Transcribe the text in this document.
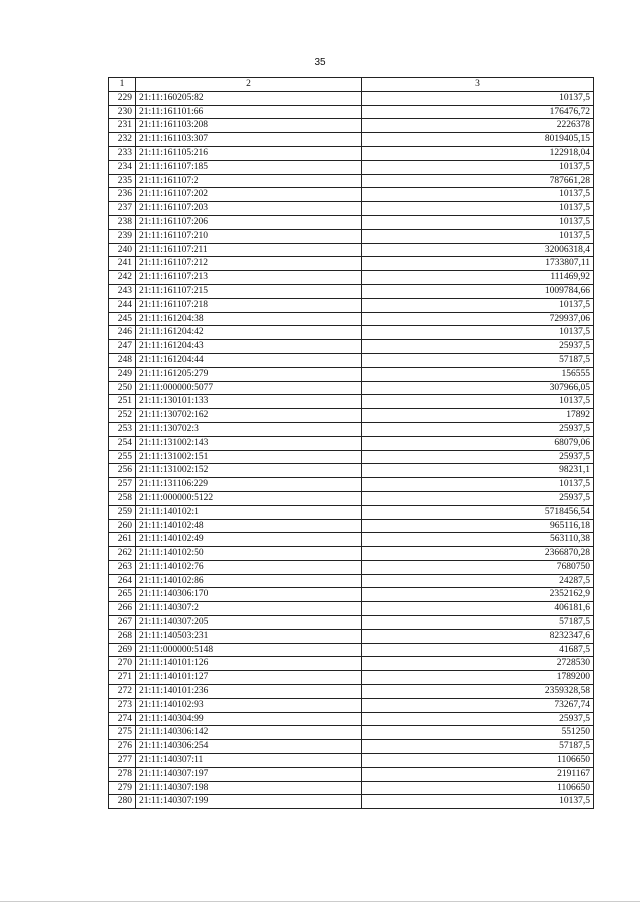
35
1	2	3
229	21:11:160205:82	10137,5
230	21:11:161101:66	176476,72
231	21:11:161103:208	2226378
232	21:11:161103:307	8019405,15
233	21:11:161105:216	122918,04
234	21:11:161107:185	10137,5
235	21:11:161107:2	787661,28
236	21:11:161107:202	10137,5
237	21:11:161107:203	10137,5
238	21:11:161107:206	10137,5
239	21:11:161107:210	10137,5
240	21:11:161107:211	32006318,4
241	21:11:161107:212	1733807,11
242	21:11:161107:213	111469,92
243	21:11:161107:215	1009784,66
244	21:11:161107:218	10137,5
245	21:11:161204:38	729937,06
246	21:11:161204:42	10137,5
247	21:11:161204:43	25937,5
248	21:11:161204:44	57187,5
249	21:11:161205:279	156555
250	21:11:000000:5077	307966,05
251	21:11:130101:133	10137,5
252	21:11:130702:162	17892
253	21:11:130702:3	25937,5
254	21:11:131002:143	68079,06
255	21:11:131002:151	25937,5
256	21:11:131002:152	98231,1
257	21:11:131106:229	10137,5
258	21:11:000000:5122	25937,5
259	21:11:140102:1	5718456,54
260	21:11:140102:48	965116,18
261	21:11:140102:49	563110,38
262	21:11:140102:50	2366870,28
263	21:11:140102:76	7680750
264	21:11:140102:86	24287,5
265	21:11:140306:170	2352162,9
266	21:11:140307:2	406181,6
267	21:11:140307:205	57187,5
268	21:11:140503:231	8232347,6
269	21:11:000000:5148	41687,5
270	21:11:140101:126	2728530
271	21:11:140101:127	1789200
272	21:11:140101:236	2359328,58
273	21:11:140102:93	73267,74
274	21:11:140304:99	25937,5
275	21:11:140306:142	551250
276	21:11:140306:254	57187,5
277	21:11:140307:11	1106650
278	21:11:140307:197	2191167
279	21:11:140307:198	1106650
280	21:11:140307:199	10137,5
